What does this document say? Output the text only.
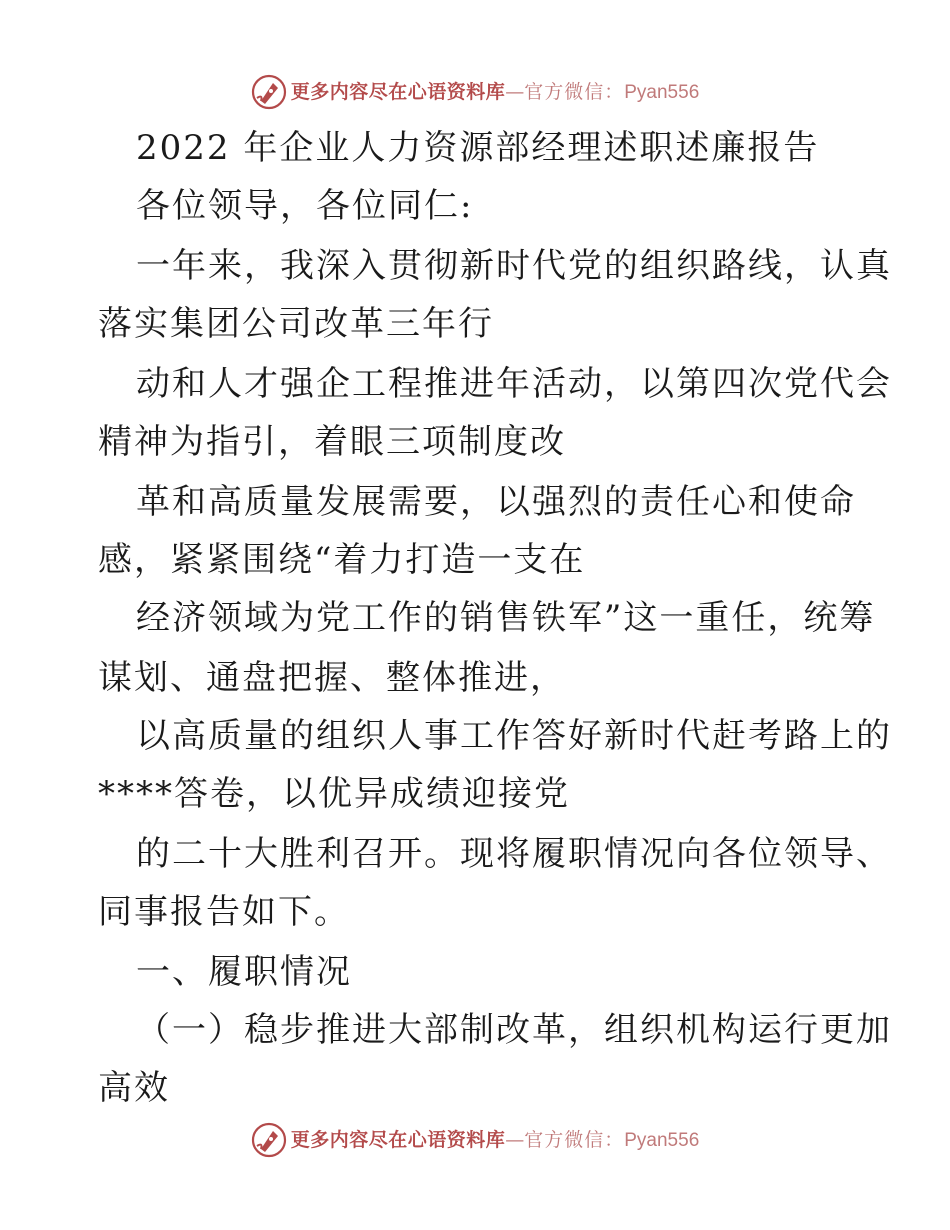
更多内容尽在心语资料库 — 官方微信： Pyan556
2022 年企业人力资源部经理述职述廉报告
各位领导，各位同仁:
一年来，我深入贯彻新时代党的组织路线，认真
落实集团公司改革三年行
动和人才强企工程推进年活动，以第四次党代会
精神为指引，着眼三项制度改
革和高质量发展需要，以强烈的责任心和使命
感，紧紧围绕“着力打造一支在
经济领域为党工作的销售铁军”这一重任，统筹
谋划、通盘把握、整体推进，
以高质量的组织人事工作答好新时代赶考路上的
****答卷，以优异成绩迎接党
的二十大胜利召开。现将履职情况向各位领导、
同事报告如下。
一、履职情况
（一）稳步推进大部制改革，组织机构运行更加
高效
更多内容尽在心语资料库 — 官方微信： Pyan556
